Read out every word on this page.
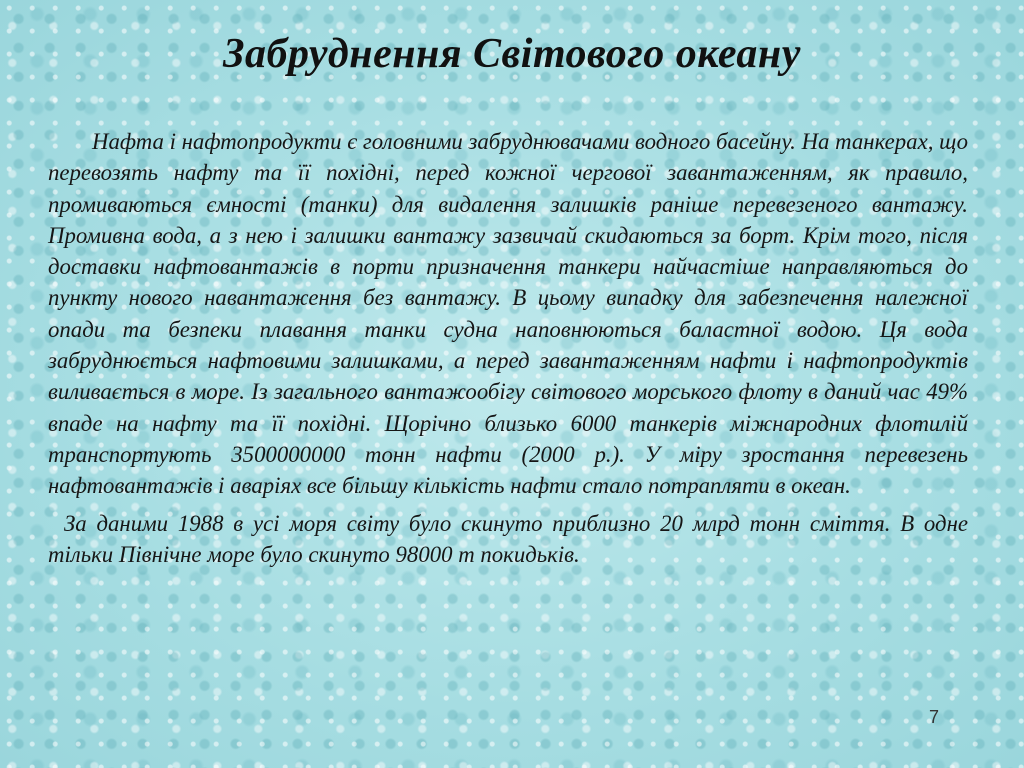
Забруднення Світового океану

Нафта і нафтопродукти є головними забруднювачами водного басейну. На танкерах, що перевозять нафту та її похідні, перед кожної чергової завантаженням, як правило, промиваються ємності (танки) для видалення залишків раніше перевезеного вантажу. Промивна вода, а з нею і залишки вантажу зазвичай скидаються за борт. Крім того, після доставки нафтовантажів в порти призначення танкери найчастіше направляються до пункту нового навантаження без вантажу. В цьому випадку для забезпечення належної опади та безпеки плавання танки судна наповнюються баластної водою. Ця вода забруднюється нафтовими залишками, а перед завантаженням нафти і нафтопродуктів виливається в море. Із загального вантажообігу світового морського флоту в даний час 49% впаде на нафту та її похідні. Щорічно близько 6000 танкерів міжнародних флотилій транспортують 3500000000 тонн нафти (2000 р.). У міру зростання перевезень нафтовантажів і аваріях все більшу кількість нафти стало потрапляти в океан.

За даними 1988 в усі моря світу було скинуто приблизно 20 млрд тонн сміття. В одне тільки Північне море було скинуто 98000 т покидьків.

7
